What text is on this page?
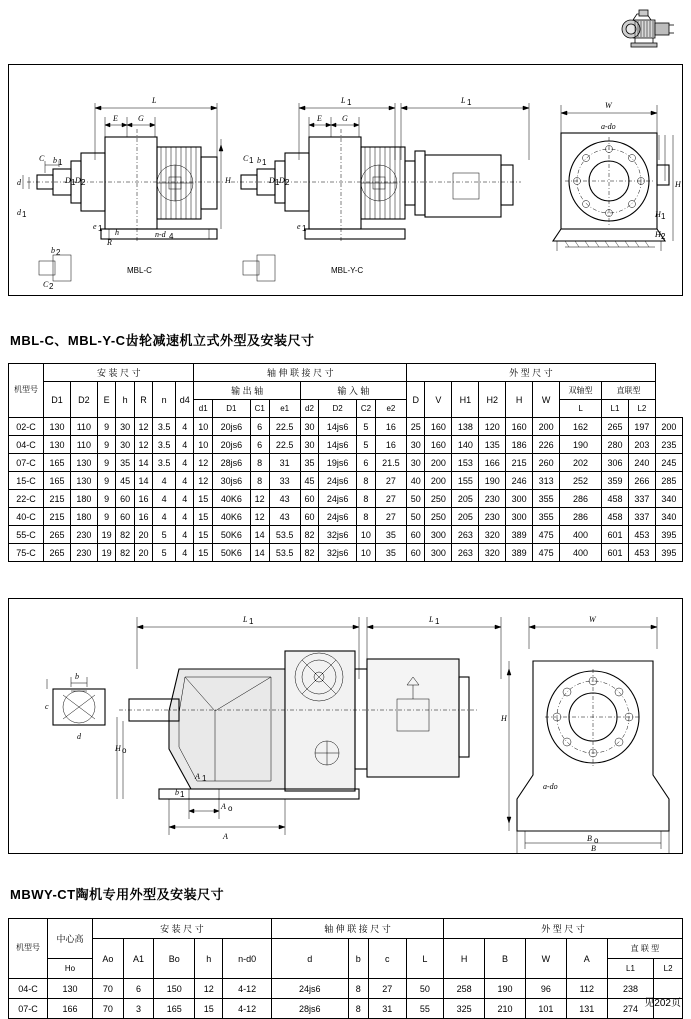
L
E	G
C b 1
D 1 D 2
d
d 1
b 2
C 2
e 1 h	n-d 4
H
R
MBL-C
L 1	L 1
E	G
C 1 b 1
D 1 D 2
e 1
MBL-Y-C
W
a-do
H
H 1
H 2
MBL-C、MBL-Y-C齿轮减速机立式外型及安装尺寸
机型号	安 装 尺 寸							轴 伸 联 接 尺 寸								外 型 尺 寸									
	D1	D2	E	h	R	n	d4	输 出 轴				输 入 轴				D	V	H1	H2	H	W	双轴型	直联型		
								d1	D1	C1	e1	d2	D2	C2	e2							L	L1	L2	
02-C	130	110	9	30	12	3.5	4	10	20js6	6	22.5	30	14js6	5	16	25	160	138	120	160	200	162	265	197	200
04-C	130	110	9	30	12	3.5	4	10	20js6	6	22.5	30	14js6	5	16	30	160	140	135	186	226	190	280	203	235
07-C	165	130	9	35	14	3.5	4	12	28js6	8	31	35	19js6	6	21.5	30	200	153	166	215	260	202	306	240	245
15-C	165	130	9	45	14	4	4	12	30js6	8	33	45	24js6	8	27	40	200	155	190	246	313	252	359	266	285
22-C	215	180	9	60	16	4	4	15	40K6	12	43	60	24js6	8	27	50	250	205	230	300	355	286	458	337	340
40-C	215	180	9	60	16	4	4	15	40K6	12	43	60	24js6	8	27	50	250	205	230	300	355	286	458	337	340
55-C	265	230	19	82	20	5	4	15	50K6	14	53.5	82	32js6	10	35	60	300	263	320	389	475	400	601	453	395
75-C	265	230	19	82	20	5	4	15	50K6	14	53.5	82	32js6	10	35	60	300	263	320	389	475	400	601	453	395
L 1	L 1
b
c
d
H o
A 1
b 1
A o
A
W
H
a-do
B o
B
MBWY-CT陶机专用外型及安装尺寸
机型号	中心高	安 装 尺 寸					轴 伸 联 接 尺 寸				外 型 尺 寸					
		Ao	A1	Bo	h	n-d0	d	b	c	L	H	B	W	A	直 联 型	
	Ho														L1	L2
04-C	130	70	6	150	12	4-12	24js6	8	27	50	258	190	96	112	238	
07-C	166	70	3	165	15	4-12	28js6	8	31	55	325	210	101	131	274	见202页
